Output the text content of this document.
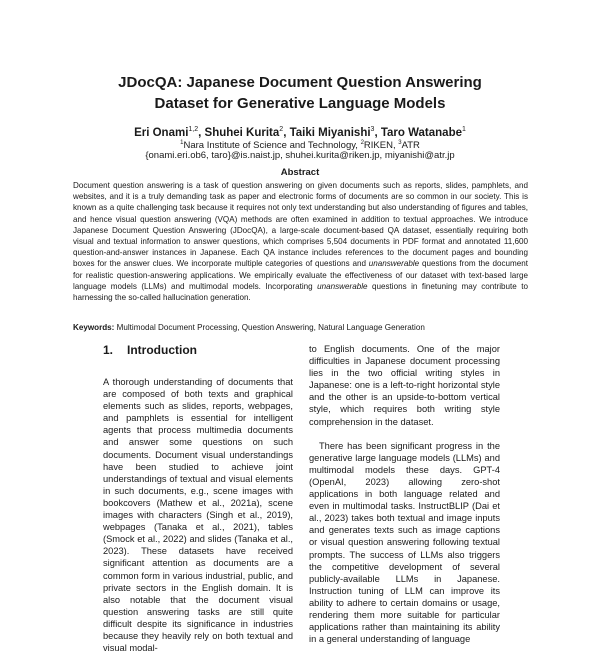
JDocQA: Japanese Document Question Answering
Dataset for Generative Language Models
Eri Onami$^{1,2}$, Shuhei Kurita$^2$, Taiki Miyanishi$^3$, Taro Watanabe$^1$
$^1$Nara Institute of Science and Technology, $^2$RIKEN, $^3$ATR
{onami.eri.ob6, taro}@is.naist.jp, shuhei.kurita@riken.jp, miyanishi@atr.jp
Abstract
Document question answering is a task of question answering on given documents such as reports, slides, pamphlets, and websites, and it is a truly demanding task as paper and electronic forms of documents are so common in our society. This is known as a quite challenging task because it requires not only text understanding but also understanding of figures and tables, and hence visual question answering (VQA) methods are often examined in addition to textual approaches. We introduce Japanese Document Question Answering (JDocQA), a large-scale document-based QA dataset, essentially requiring both visual and textual information to answer questions, which comprises 5,504 documents in PDF format and annotated 11,600 question-and-answer instances in Japanese. Each QA instance includes references to the document pages and bounding boxes for the answer clues. We incorporate multiple categories of questions and unanswerable questions from the document for realistic question-answering applications. We empirically evaluate the effectiveness of our dataset with text-based large language models (LLMs) and multimodal models. Incorporating unanswerable questions in finetuning may contribute to harnessing the so-called hallucination generation.
Keywords: Multimodal Document Processing, Question Answering, Natural Language Generation
1. Introduction
A thorough understanding of documents that are composed of both texts and graphical elements such as slides, reports, webpages, and pamphlets is essential for intelligent agents that process multimedia documents and answer some questions on such documents. Document visual understandings have been studied to achieve joint understandings of textual and visual elements in such documents, e.g., scene images with bookcovers (Mathew et al., 2021a), scene images with characters (Singh et al., 2019), webpages (Tanaka et al., 2021), tables (Smock et al., 2022) and slides (Tanaka et al., 2023). These datasets have received significant attention as documents are a common form in various industrial, public, and private sectors in the English domain. It is also notable that the document visual question answering tasks are still quite difficult despite its significance in industries because they heavily rely on both textual and visual modal-

to English documents. One of the major difficulties in Japanese document processing lies in the two official writing styles in Japanese: one is a left-to-right horizontal style and the other is an upside-to-bottom vertical style, which requires both writing style comprehension in the dataset.

There has been significant progress in the generative large language models (LLMs) and multimodal models these days. GPT-4 (OpenAI, 2023) allowing zero-shot applications in both language related and even in multimodal tasks. InstructBLIP (Dai et al., 2023) takes both textual and image inputs and generates texts such as image captions or visual question answering following textual prompts. The success of LLMs also triggers the competitive development of several publicly-available LLMs in Japanese. Instruction tuning of LLM can improve its ability to adhere to certain domains or usage, rendering them more suitable for particular applications rather than maintaining its ability in a general understanding of language
